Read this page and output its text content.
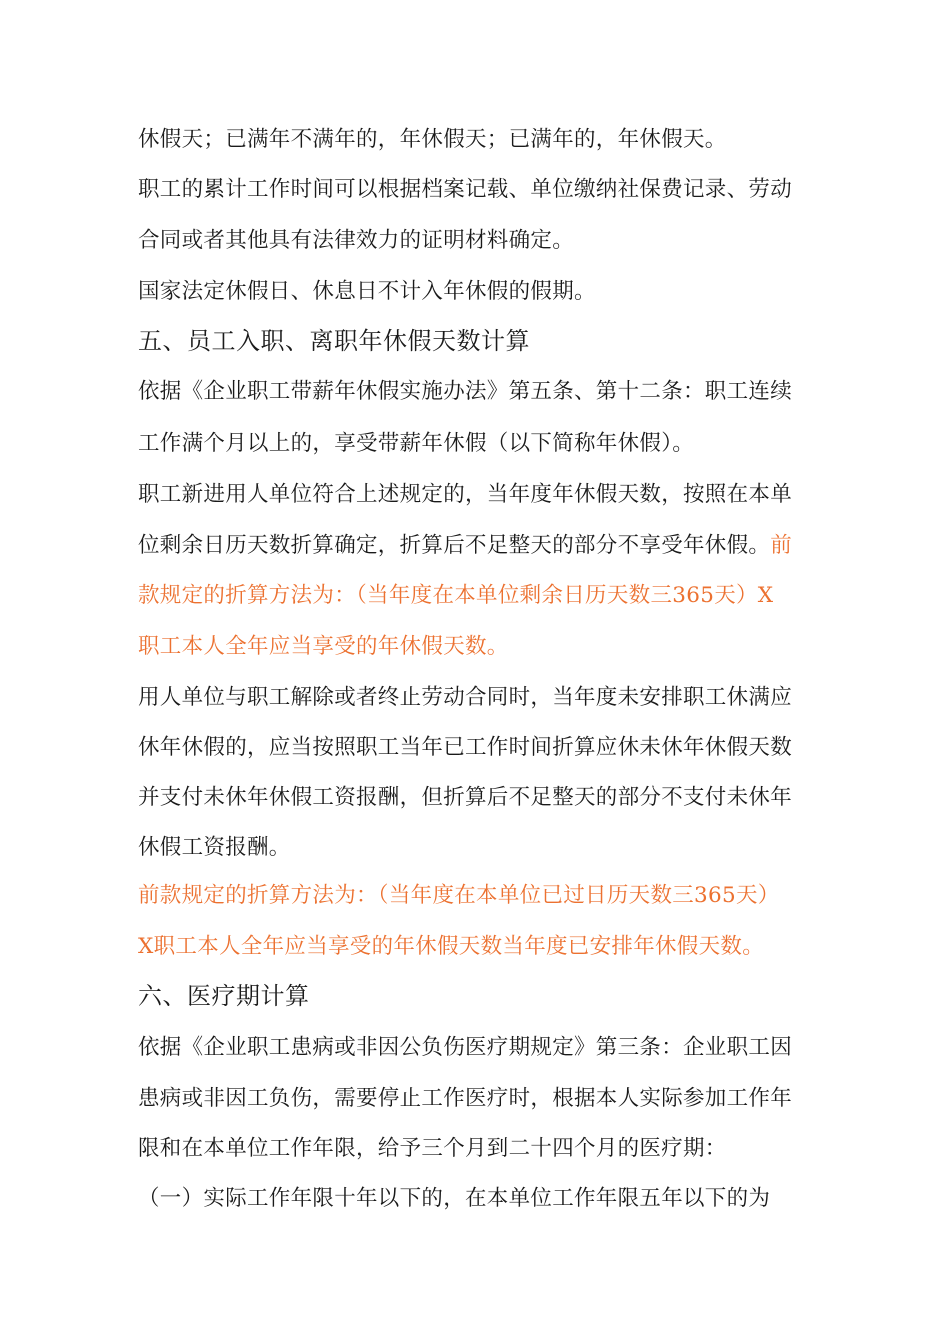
休假天；已满年不满年的，年休假天；已满年的，年休假天。
职工的累计工作时间可以根据档案记载、单位缴纳社保费记录、劳动
合同或者其他具有法律效力的证明材料确定。
国家法定休假日、休息日不计入年休假的假期。
五、员工入职、离职年休假天数计算
依据《企业职工带薪年休假实施办法》第五条、第十二条：职工连续
工作满个月以上的，享受带薪年休假（以下简称年休假）。
职工新进用人单位符合上述规定的，当年度年休假天数，按照在本单
位剩余日历天数折算确定，折算后不足整天的部分不享受年休假。前
款规定的折算方法为：（当年度在本单位剩余日历天数三365天）X
职工本人全年应当享受的年休假天数。
用人单位与职工解除或者终止劳动合同时，当年度未安排职工休满应
休年休假的，应当按照职工当年已工作时间折算应休未休年休假天数
并支付未休年休假工资报酬，但折算后不足整天的部分不支付未休年
休假工资报酬。
前款规定的折算方法为：（当年度在本单位已过日历天数三365天）
X职工本人全年应当享受的年休假天数当年度已安排年休假天数。
六、医疗期计算
依据《企业职工患病或非因公负伤医疗期规定》第三条：企业职工因
患病或非因工负伤，需要停止工作医疗时，根据本人实际参加工作年
限和在本单位工作年限，给予三个月到二十四个月的医疗期：
（一）实际工作年限十年以下的，在本单位工作年限五年以下的为
